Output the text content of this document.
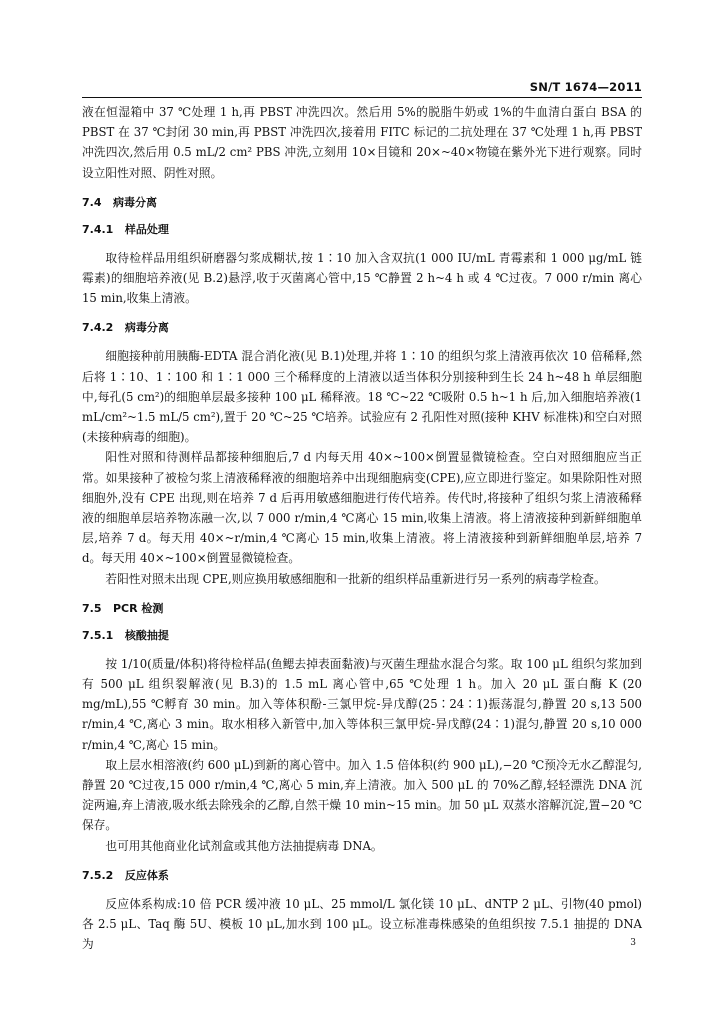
SN/T 1674—2011

液在恒湿箱中 37 ℃处理 1 h,再 PBST 冲洗四次。然后用 5%的脱脂牛奶或 1%的牛血清白蛋白 BSA 的 PBST 在 37 ℃封闭 30 min,再 PBST 冲洗四次,接着用 FITC 标记的二抗处理在 37 ℃处理 1 h,再 PBST 冲洗四次,然后用 0.5 mL/2 cm² PBS 冲洗,立刻用 10×目镜和 20×~40×物镜在紫外光下进行观察。同时设立阳性对照、阴性对照。

7.4 病毒分离
7.4.1 样品处理

取待检样品用组织研磨器匀浆成糊状,按 1∶10 加入含双抗(1 000 IU/mL 青霉素和 1 000 μg/mL 链霉素)的细胞培养液(见 B.2)悬浮,收于灭菌离心管中,15 ℃静置 2 h~4 h 或 4 ℃过夜。7 000 r/min 离心 15 min,收集上清液。

7.4.2 病毒分离

细胞接种前用胰酶-EDTA 混合消化液(见 B.1)处理,并将 1∶10 的组织匀浆上清液再依次 10 倍稀释,然后将 1∶10、1∶100 和 1∶1 000 三个稀释度的上清液以适当体积分别接种到生长 24 h~48 h 单层细胞中,每孔(5 cm²)的细胞单层最多接种 100 μL 稀释液。18 ℃~22 ℃吸附 0.5 h~1 h 后,加入细胞培养液(1 mL/cm²~1.5 mL/5 cm²),置于 20 ℃~25 ℃培养。试验应有 2 孔阳性对照(接种 KHV 标准株)和空白对照(未接种病毒的细胞)。

阳性对照和待测样品都接种细胞后,7 d 内每天用 40×~100×倒置显微镜检查。空白对照细胞应当正常。如果接种了被检匀浆上清液稀释液的细胞培养中出现细胞病变(CPE),应立即进行鉴定。如果除阳性对照细胞外,没有 CPE 出现,则在培养 7 d 后再用敏感细胞进行传代培养。传代时,将接种了组织匀浆上清液稀释液的细胞单层培养物冻融一次,以 7 000 r/min,4 ℃离心 15 min,收集上清液。将上清液接种到新鲜细胞单层,培养 7 d。每天用 40×~r/min,4 ℃离心 15 min,收集上清液。将上清液接种到新鲜细胞单层,培养 7 d。每天用 40×~100×倒置显微镜检查。

若阳性对照未出现 CPE,则应换用敏感细胞和一批新的组织样品重新进行另一系列的病毒学检查。

7.5 PCR 检测
7.5.1 核酸抽提

按 1/10(质量/体积)将待检样品(鱼鳃去掉表面黏液)与灭菌生理盐水混合匀浆。取 100 μL 组织匀浆加到有 500 μL 组织裂解液(见 B.3)的 1.5 mL 离心管中,65 ℃处理 1 h。加入 20 μL 蛋白酶 K (20 mg/mL),55 ℃孵育 30 min。加入等体积酚-三氯甲烷-异戊醇(25∶24∶1)振荡混匀,静置 20 s,13 500 r/min,4 ℃,离心 3 min。取水相移入新管中,加入等体积三氯甲烷-异戊醇(24∶1)混匀,静置 20 s,10 000 r/min,4 ℃,离心 15 min。

取上层水相溶液(约 600 μL)到新的离心管中。加入 1.5 倍体积(约 900 μL),−20 ℃预冷无水乙醇混匀,静置 20 ℃过夜,15 000 r/min,4 ℃,离心 5 min,弃上清液。加入 500 μL 的 70%乙醇,轻轻漂洗 DNA 沉淀两遍,弃上清液,吸水纸去除残余的乙醇,自然干燥 10 min~15 min。加 50 μL 双蒸水溶解沉淀,置−20 ℃保存。

也可用其他商业化试剂盒或其他方法抽提病毒 DNA。

7.5.2 反应体系

反应体系构成:10 倍 PCR 缓冲液 10 μL、25 mmol/L 氯化镁 10 μL、dNTP 2 μL、引物(40 pmol)各 2.5 μL、Taq 酶 5U、模板 10 μL,加水到 100 μL。设立标准毒株感染的鱼组织按 7.5.1 抽提的 DNA 为	3
